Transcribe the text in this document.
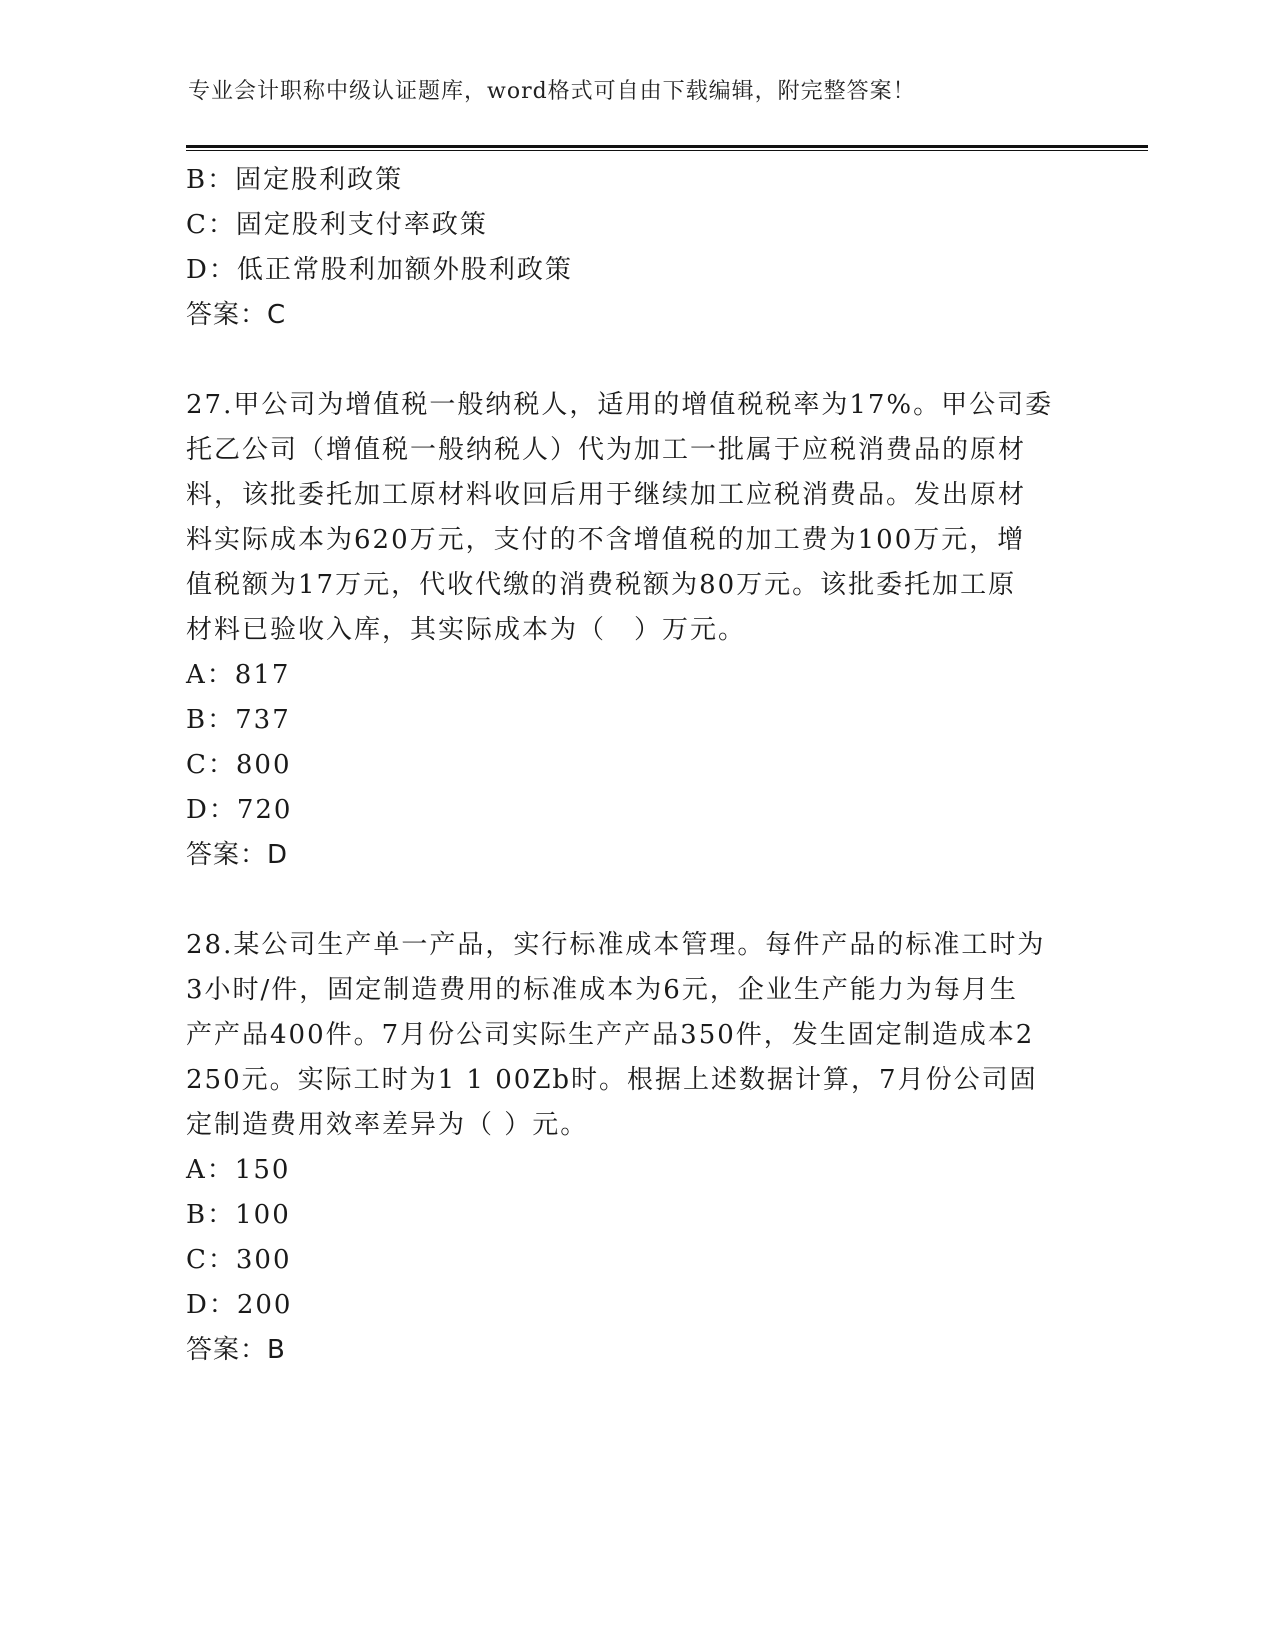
专业会计职称中级认证题库，word格式可自由下载编辑，附完整答案！
B：固定股利政策
C：固定股利支付率政策
D：低正常股利加额外股利政策
答案：C
27.甲公司为增值税一般纳税人，适用的增值税税率为17%。甲公司委
托乙公司（增值税一般纳税人）代为加工一批属于应税消费品的原材
料，该批委托加工原材料收回后用于继续加工应税消费品。发出原材
料实际成本为620万元，支付的不含增值税的加工费为100万元，增
值税额为17万元，代收代缴的消费税额为80万元。该批委托加工原
材料已验收入库，其实际成本为（　）万元。
A：817
B：737
C：800
D：720
答案：D
28.某公司生产单一产品，实行标准成本管理。每件产品的标准工时为
3小时/件，固定制造费用的标准成本为6元，企业生产能力为每月生
产产品400件。7月份公司实际生产产品350件，发生固定制造成本2
250元。实际工时为1 1 00Zb时。根据上述数据计算，7月份公司固
定制造费用效率差异为（ ）元。
A：150
B：100
C：300
D：200
答案：B
